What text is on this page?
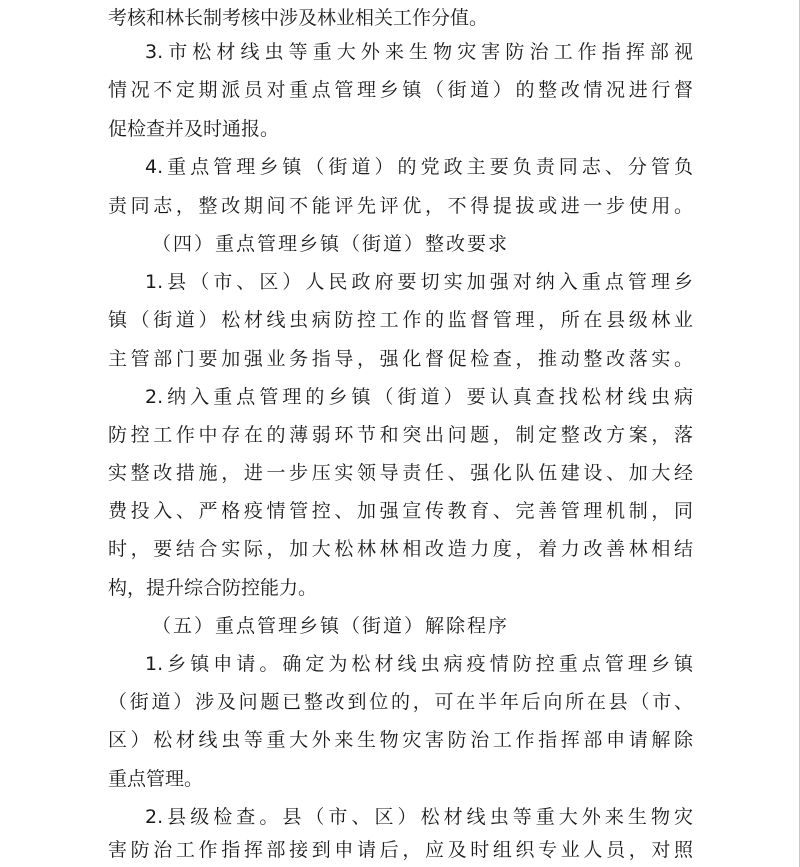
考核和林长制考核中涉及林业相关工作分值。
3.市松材线虫等重大外来生物灾害防治工作指挥部视
情况不定期派员对重点管理乡镇（街道）的整改情况进行督
促检查并及时通报。
4.重点管理乡镇（街道）的党政主要负责同志、分管负
责同志，整改期间不能评先评优，不得提拔或进一步使用。
（四）重点管理乡镇（街道）整改要求
1.县（市、区）人民政府要切实加强对纳入重点管理乡
镇（街道）松材线虫病防控工作的监督管理，所在县级林业
主管部门要加强业务指导，强化督促检查，推动整改落实。
2.纳入重点管理的乡镇（街道）要认真查找松材线虫病
防控工作中存在的薄弱环节和突出问题，制定整改方案，落
实整改措施，进一步压实领导责任、强化队伍建设、加大经
费投入、严格疫情管控、加强宣传教育、完善管理机制，同
时，要结合实际，加大松林林相改造力度，着力改善林相结
构，提升综合防控能力。
（五）重点管理乡镇（街道）解除程序
1.乡镇申请。确定为松材线虫病疫情防控重点管理乡镇
（街道）涉及问题已整改到位的，可在半年后向所在县（市、
区）松材线虫等重大外来生物灾害防治工作指挥部申请解除
重点管理。
2.县级检查。县（市、区）松材线虫等重大外来生物灾
害防治工作指挥部接到申请后，应及时组织专业人员，对照
